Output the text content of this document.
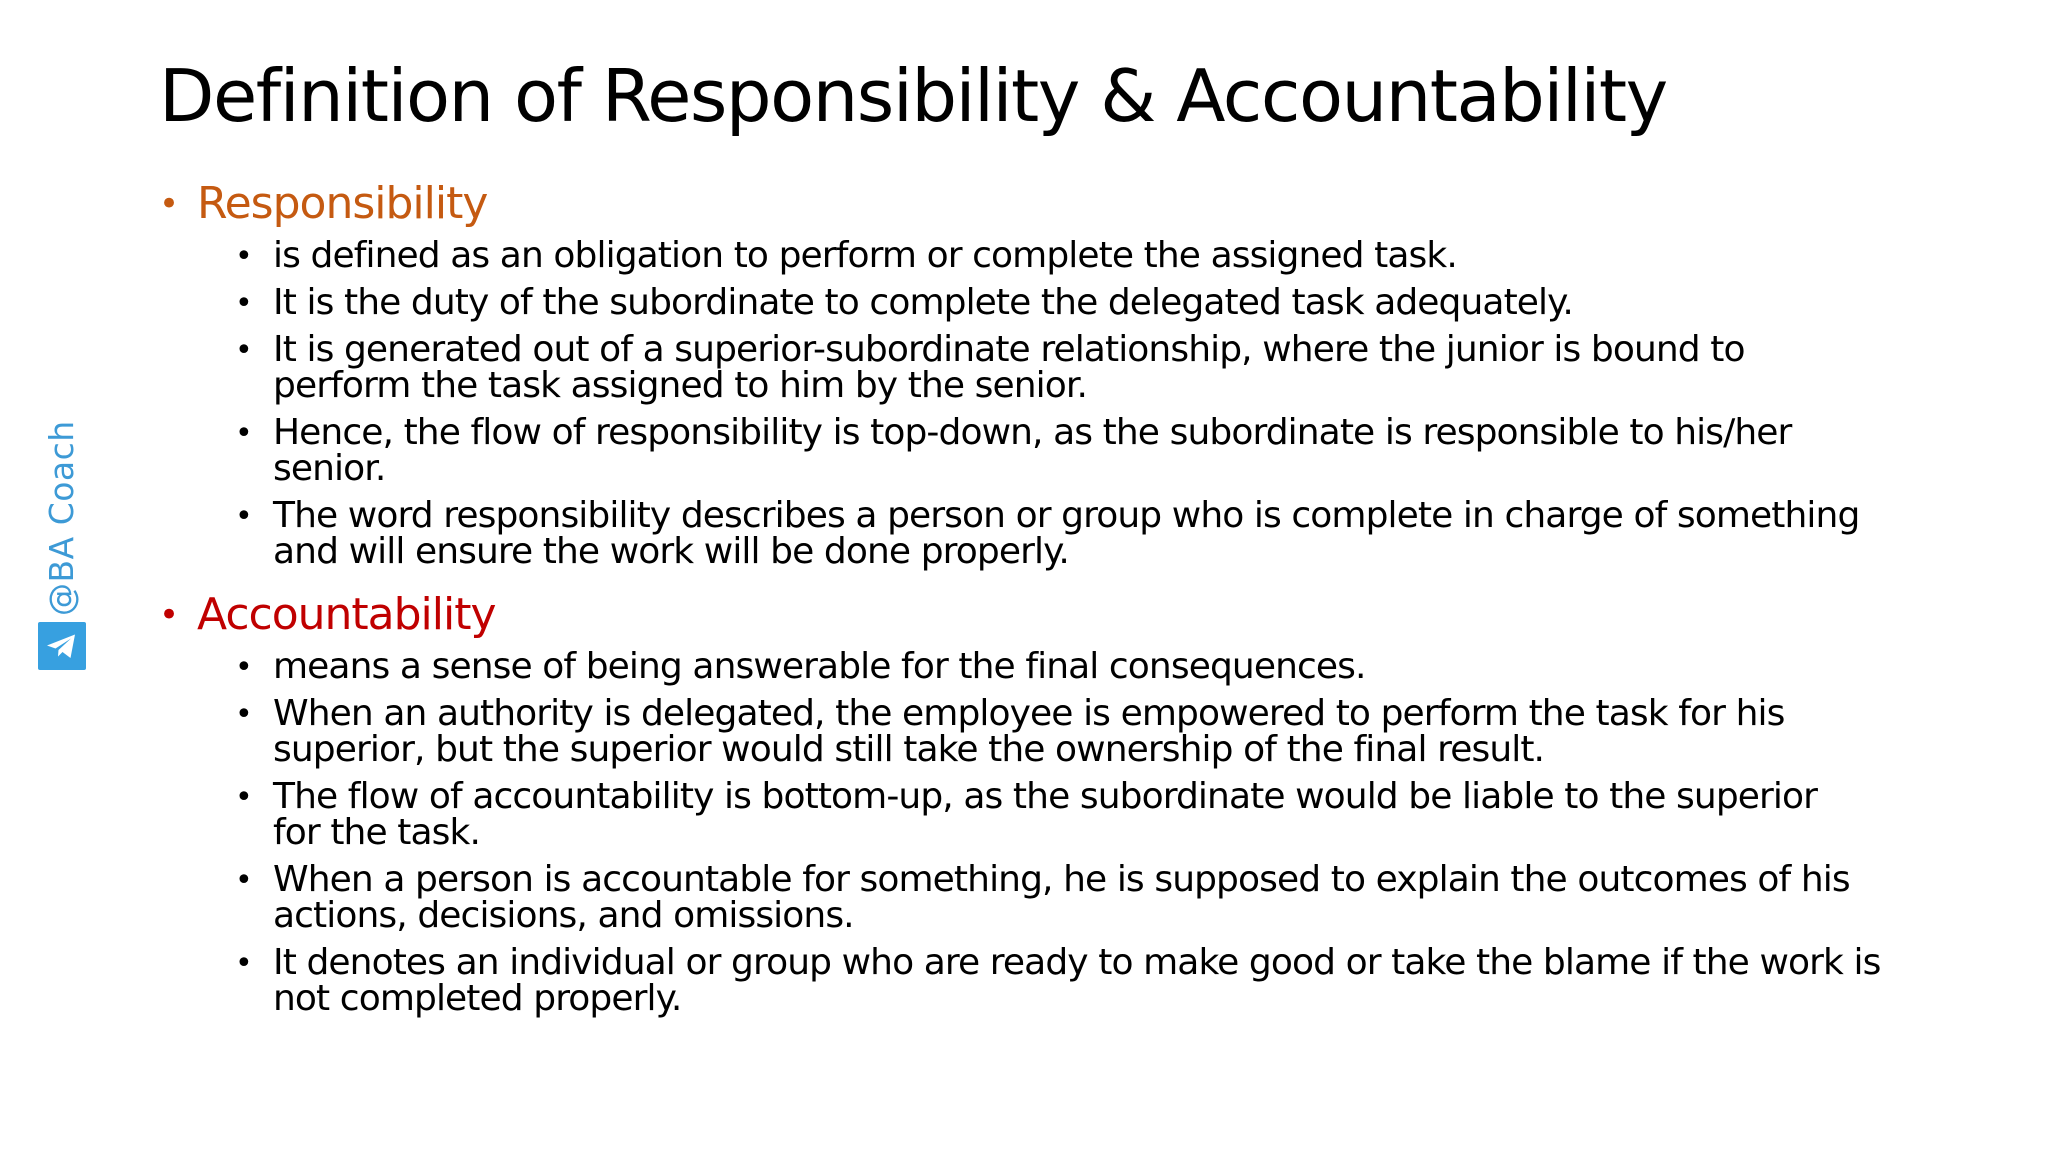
Definition of Responsibility & Accountability
• Responsibility
• is defined as an obligation to perform or complete the assigned task.
• It is the duty of the subordinate to complete the delegated task adequately.
• It is generated out of a superior-subordinate relationship, where the junior is bound to
perform the task assigned to him by the senior.
• Hence, the flow of responsibility is top-down, as the subordinate is responsible to his/her
senior.
• The word responsibility describes a person or group who is complete in charge of something
and will ensure the work will be done properly.
• Accountability
• means a sense of being answerable for the final consequences.
• When an authority is delegated, the employee is empowered to perform the task for his
superior, but the superior would still take the ownership of the final result.
• The flow of accountability is bottom-up, as the subordinate would be liable to the superior
for the task.
• When a person is accountable for something, he is supposed to explain the outcomes of his
actions, decisions, and omissions.
• It denotes an individual or group who are ready to make good or take the blame if the work is
not completed properly.
@BA Coach
